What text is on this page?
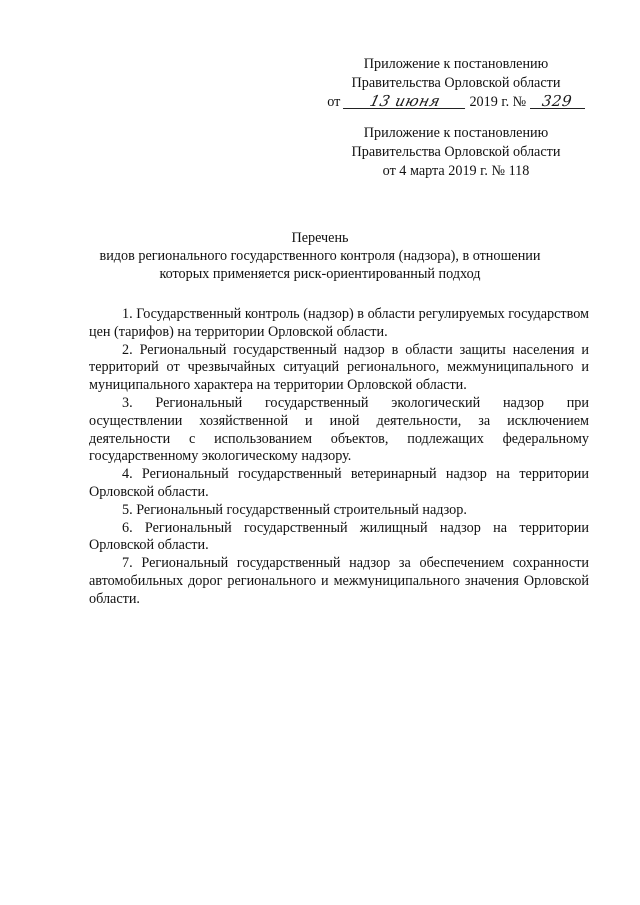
Приложение к постановлению
Правительства Орловской области
от 13 июня 2019 г. № 329
Приложение к постановлению
Правительства Орловской области
от 4 марта 2019 г. № 118
Перечень
видов регионального государственного контроля (надзора), в отношении
которых применяется риск-ориентированный подход

1. Государственный контроль (надзор) в области регулируемых государством цен (тарифов) на территории Орловской области.

2. Региональный государственный надзор в области защиты населения и территорий от чрезвычайных ситуаций регионального, межмуниципального и муниципального характера на территории Орловской области.

3. Региональный государственный экологический надзор при осуществлении хозяйственной и иной деятельности, за исключением деятельности с использованием объектов, подлежащих федеральному государственному экологическому надзору.

4. Региональный государственный ветеринарный надзор на территории Орловской области.

5. Региональный государственный строительный надзор.

6. Региональный государственный жилищный надзор на территории Орловской области.

7. Региональный государственный надзор за обеспечением сохранности автомобильных дорог регионального и межмуниципального значения Орловской области.
